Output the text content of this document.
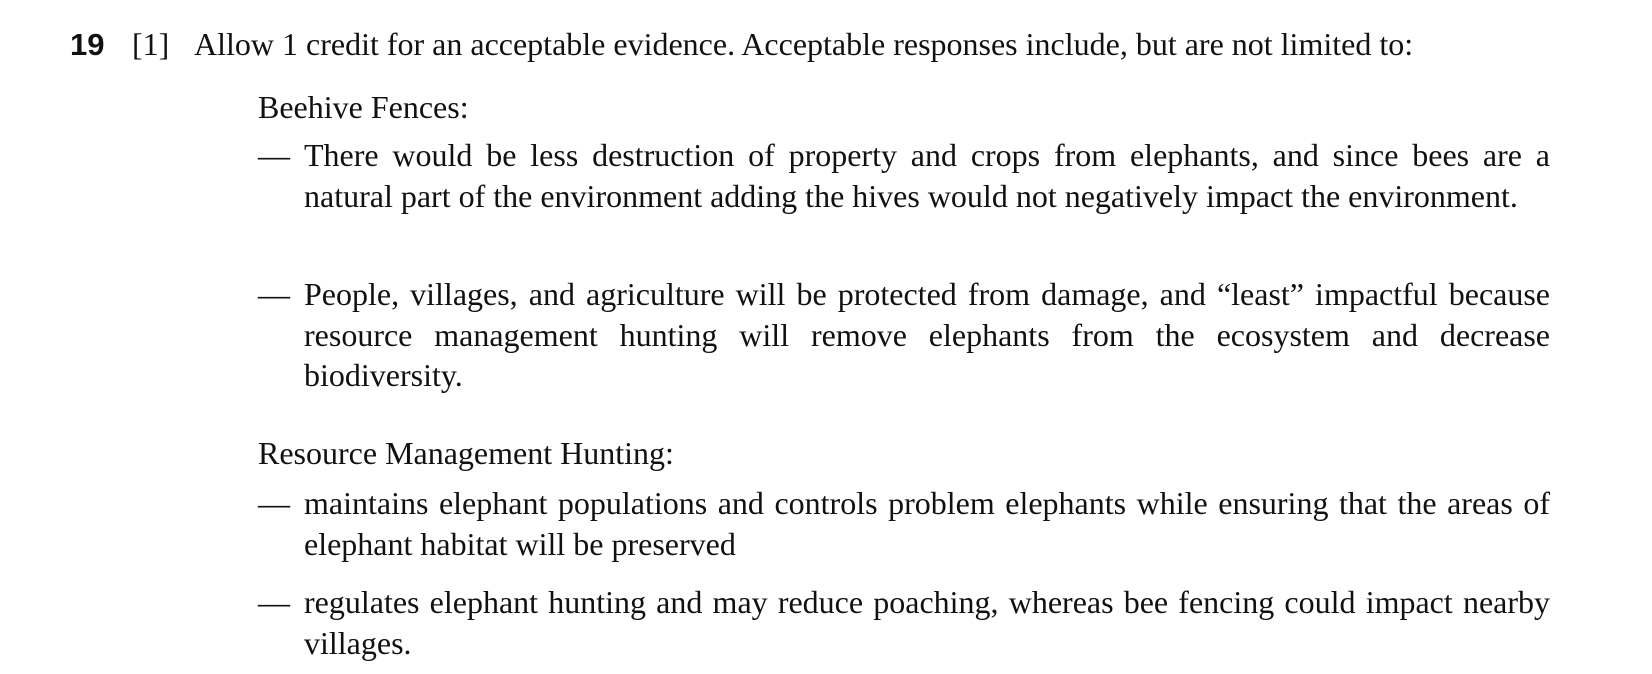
19 [1] Allow 1 credit for an acceptable evidence. Acceptable responses include, but are not limited to:
Beehive Fences:
— There would be less destruction of property and crops from elephants, and since bees are a natural part of the environment adding the hives would not negatively impact the environment.
— People, villages, and agriculture will be protected from damage, and “least” impactful because resource management hunting will remove elephants from the ecosystem and decrease biodiversity.
Resource Management Hunting:
— maintains elephant populations and controls problem elephants while ensuring that the areas of elephant habitat will be preserved
— regulates elephant hunting and may reduce poaching, whereas bee fencing could impact nearby villages.
